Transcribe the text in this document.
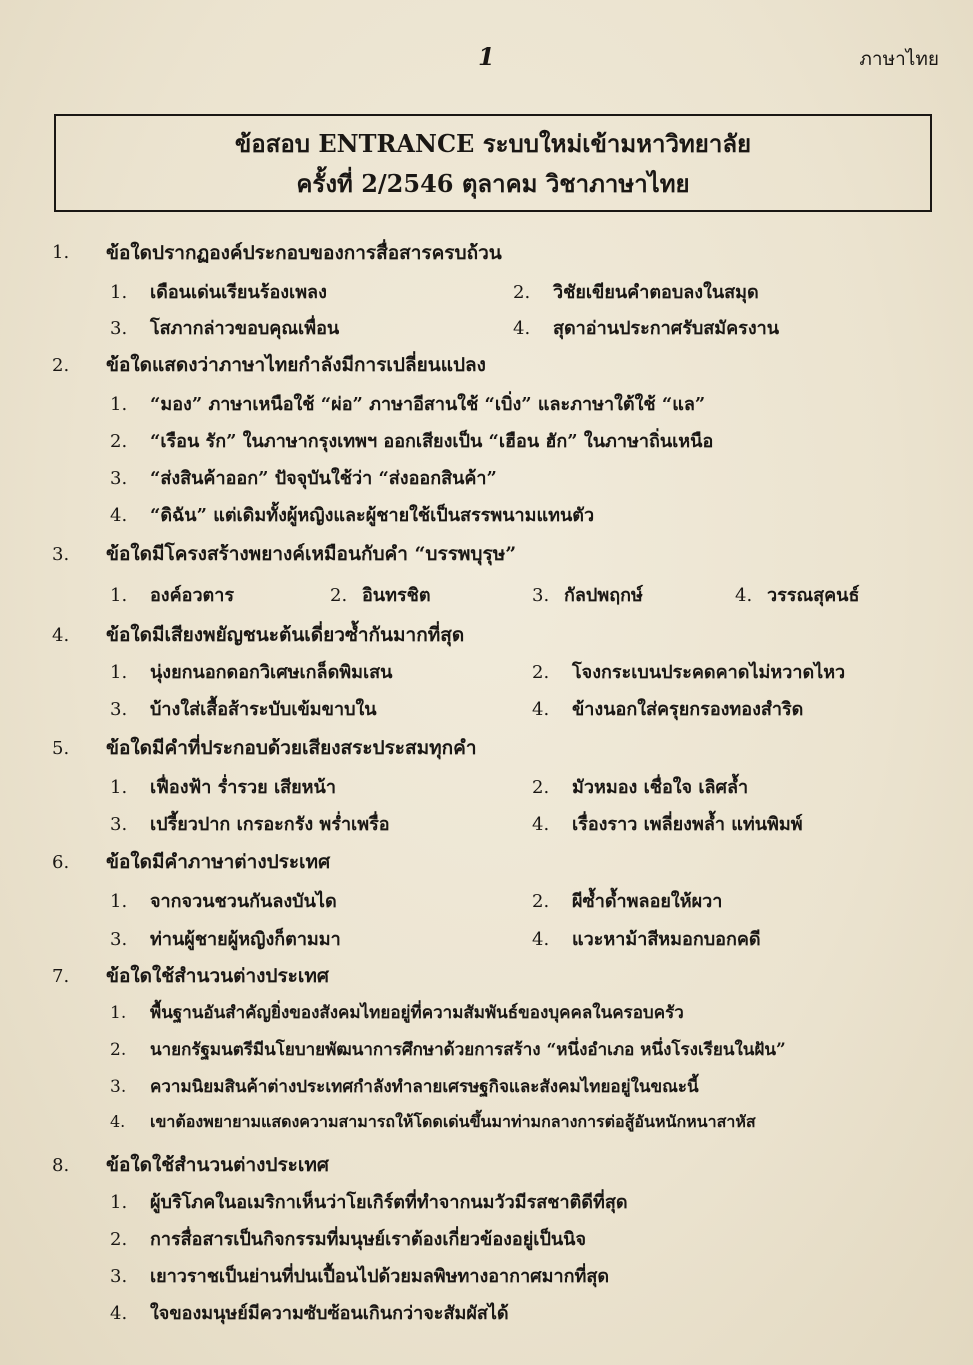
1	ภาษาไทย
ข้อสอบ ENTRANCE ระบบใหม่เข้ามหาวิทยาลัย
ครั้งที่ 2/2546 ตุลาคม วิชาภาษาไทย
1. ข้อใดปรากฏองค์ประกอบของการสื่อสารครบถ้วน
1. เดือนเด่นเรียนร้องเพลง	2. วิชัยเขียนคำตอบลงในสมุด
3. โสภากล่าวขอบคุณเพื่อน	4. สุดาอ่านประกาศรับสมัครงาน
2. ข้อใดแสดงว่าภาษาไทยกำลังมีการเปลี่ยนแปลง
1. “มอง” ภาษาเหนือใช้ “ผ่อ” ภาษาอีสานใช้ “เบิ่ง” และภาษาใต้ใช้ “แล”
2. “เรือน รัก” ในภาษากรุงเทพฯ ออกเสียงเป็น “เฮือน ฮัก” ในภาษาถิ่นเหนือ
3. “ส่งสินค้าออก” ปัจจุบันใช้ว่า “ส่งออกสินค้า”
4. “ดิฉัน” แต่เดิมทั้งผู้หญิงและผู้ชายใช้เป็นสรรพนามแทนตัว
3. ข้อใดมีโครงสร้างพยางค์เหมือนกับคำ “บรรพบุรุษ”
1. องค์อวตาร	2. อินทรชิต	3. กัลปพฤกษ์	4. วรรณสุคนธ์
4. ข้อใดมีเสียงพยัญชนะต้นเดี่ยวซ้ำกันมากที่สุด
1. นุ่งยกนอกดอกวิเศษเกล็ดพิมเสน	2. โจงกระเบนประคดคาดไม่หวาดไหว
3. บ้างใส่เสื้อส้าระบับเข้มขาบใน	4. ข้างนอกใส่ครุยกรองทองสำริด
5. ข้อใดมีคำที่ประกอบด้วยเสียงสระประสมทุกคำ
1. เฟื่องฟ้า ร่ำรวย เสียหน้า	2. มัวหมอง เชื่อใจ เลิศล้ำ
3. เปรี้ยวปาก เกรอะกรัง พร่ำเพรื่อ	4. เรื่องราว เพลี่ยงพล้ำ แท่นพิมพ์
6. ข้อใดมีคำภาษาต่างประเทศ
1. จากจวนชวนกันลงบันได	2. ผีซ้ำด้ำพลอยให้ผวา
3. ท่านผู้ชายผู้หญิงก็ตามมา	4. แวะหาม้าสีหมอกบอกคดี
7. ข้อใดใช้สำนวนต่างประเทศ
1. พื้นฐานอันสำคัญยิ่งของสังคมไทยอยู่ที่ความสัมพันธ์ของบุคคลในครอบครัว
2. นายกรัฐมนตรีมีนโยบายพัฒนาการศึกษาด้วยการสร้าง “หนึ่งอำเภอ หนึ่งโรงเรียนในฝัน”
3. ความนิยมสินค้าต่างประเทศกำลังทำลายเศรษฐกิจและสังคมไทยอยู่ในขณะนี้
4. เขาต้องพยายามแสดงความสามารถให้โดดเด่นขึ้นมาท่ามกลางการต่อสู้อันหนักหนาสาหัส
8. ข้อใดใช้สำนวนต่างประเทศ
1. ผู้บริโภคในอเมริกาเห็นว่าโยเกิร์ตที่ทำจากนมวัวมีรสชาติดีที่สุด
2. การสื่อสารเป็นกิจกรรมที่มนุษย์เราต้องเกี่ยวข้องอยู่เป็นนิจ
3. เยาวราชเป็นย่านที่ปนเปื้อนไปด้วยมลพิษทางอากาศมากที่สุด
4. ใจของมนุษย์มีความซับซ้อนเกินกว่าจะสัมผัสได้
